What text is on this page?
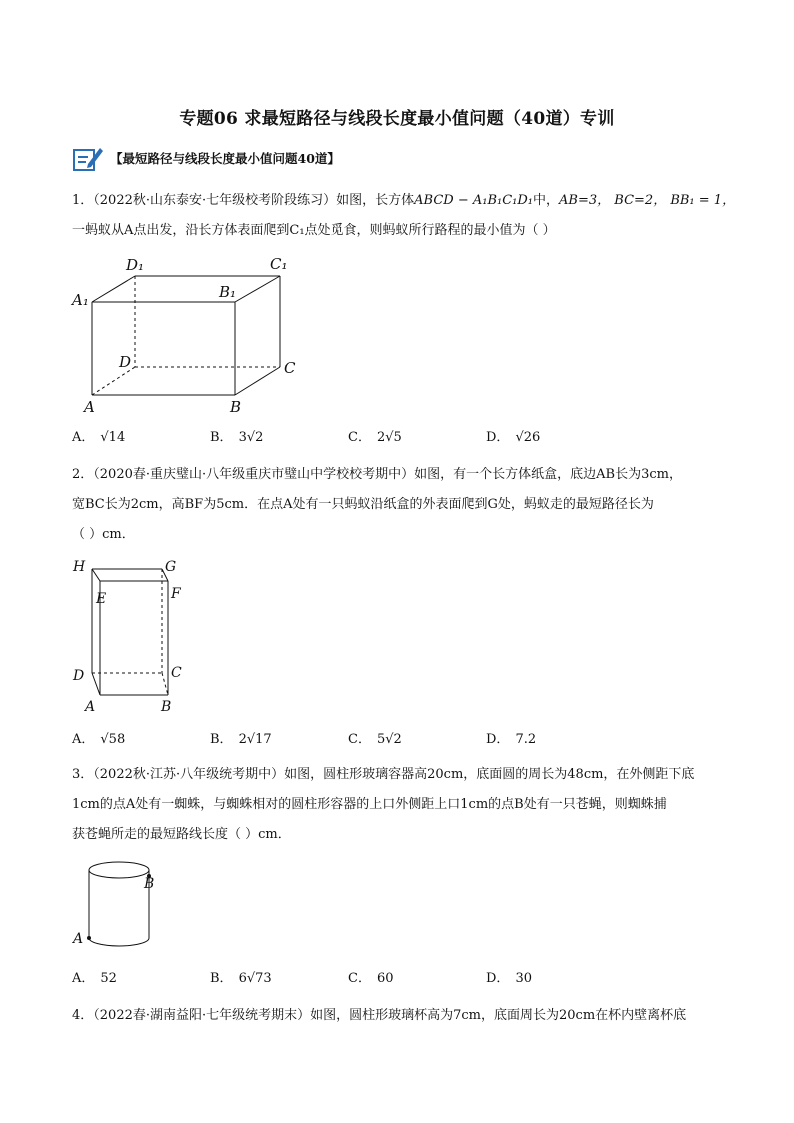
专题06 求最短路径与线段长度最小值问题（40道）专训
【最短路径与线段长度最小值问题40道】
1．（2022秋·山东泰安·七年级校考阶段练习）如图，长方体ABCD − A₁B₁C₁D₁中，AB=3， BC=2， BB₁ = 1，
一蚂蚁从A点出发，沿长方体表面爬到C₁点处觅食，则蚂蚁所行路程的最小值为（ ）
D₁	C₁
A₁	B₁
D	C
A	B
A． √14	B． 3√2	C． 2√5	D． √26
2．（2020春·重庆璧山·八年级重庆市璧山中学校校考期中）如图，有一个长方体纸盒，底边AB长为3cm，
宽BC长为2cm，高BF为5cm．在点A处有一只蚂蚁沿纸盒的外表面爬到G处，蚂蚁走的最短路径长为
（ ）cm．
H	G
E	F
D	C
A	B
A． √58	B． 2√17	C． 5√2	D． 7.2
3．（2022秋·江苏·八年级统考期中）如图，圆柱形玻璃容器高20cm，底面圆的周长为48cm，在外侧距下底
1cm的点A处有一蜘蛛，与蜘蛛相对的圆柱形容器的上口外侧距上口1cm的点B处有一只苍蝇，则蜘蛛捕
获苍蝇所走的最短路线长度（ ）cm．
B
A
A． 52	B． 6√73	C． 60	D． 30
4．（2022春·湖南益阳·七年级统考期末）如图，圆柱形玻璃杯高为7cm，底面周长为20cm在杯内壁离杯底
